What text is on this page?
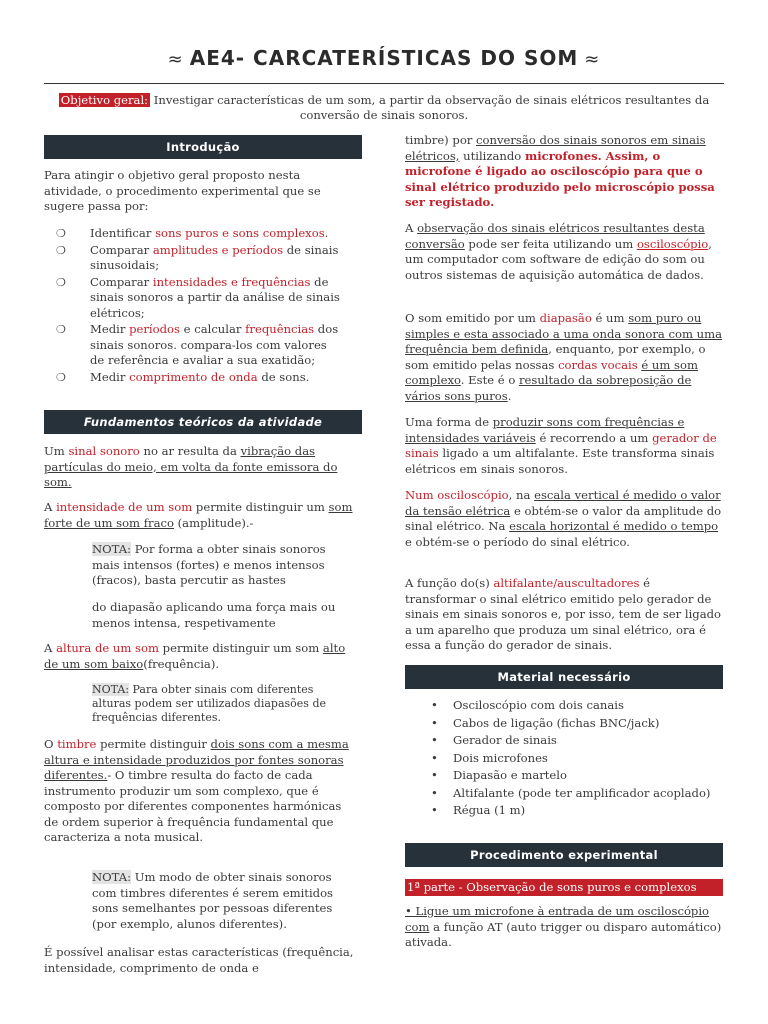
≈ AE4- CARCATERÍSTICAS DO SOM ≈
Objetivo geral: Investigar características de um som, a partir da observação de sinais elétricos resultantes da conversão de sinais sonoros.
Introdução
Para atingir o objetivo geral proposto nesta atividade, o procedimento experimental que se sugere passa por:
❍ Identificar sons puros e sons complexos.
❍ Comparar amplitudes e períodos de sinais sinusoidais;
❍ Comparar intensidades e frequências de sinais sonoros a partir da análise de sinais elétricos;
❍ Medir períodos e calcular frequências dos sinais sonoros. compara-los com valores de referência e avaliar a sua exatidão;
❍ Medir comprimento de onda de sons.
Fundamentos teóricos da atividade
Um sinal sonoro no ar resulta da vibração das partículas do meio, em volta da fonte emissora do som.
A intensidade de um som permite distinguir um som forte de um som fraco (amplitude).-
NOTA: Por forma a obter sinais sonoros mais intensos (fortes) e menos intensos (fracos), basta percutir as hastes
do diapasão aplicando uma força mais ou menos intensa, respetivamente
A altura de um som permite distinguir um som alto de um som baixo(frequência).
NOTA: Para obter sinais com diferentes alturas podem ser utilizados diapasões de frequências diferentes.
O timbre permite distinguir dois sons com a mesma altura e intensidade produzidos por fontes sonoras diferentes.- O timbre resulta do facto de cada instrumento produzir um som complexo, que é composto por diferentes componentes harmónicas de ordem superior à frequência fundamental que caracteriza a nota musical.
NOTA: Um modo de obter sinais sonoros com timbres diferentes é serem emitidos sons semelhantes por pessoas diferentes (por exemplo, alunos diferentes).
É possível analisar estas características (frequência, intensidade, comprimento de onda e
timbre) por conversão dos sinais sonoros em sinais elétricos, utilizando microfones. Assim, o microfone é ligado ao osciloscópio para que o sinal elétrico produzido pelo microscópio possa ser registado.
A observação dos sinais elétricos resultantes desta conversão pode ser feita utilizando um osciloscópio, um computador com software de edição do som ou outros sistemas de aquisição automática de dados.
O som emitido por um diapasão é um som puro ou simples e esta associado a uma onda sonora com uma frequência bem definida, enquanto, por exemplo, o som emitido pelas nossas cordas vocais é um som complexo. Este é o resultado da sobreposição de vários sons puros.
Uma forma de produzir sons com frequências e intensidades variáveis é recorrendo a um gerador de sinais ligado a um altifalante. Este transforma sinais elétricos em sinais sonoros.
Num osciloscópio, na escala vertical é medido o valor da tensão elétrica e obtém-se o valor da amplitude do sinal elétrico. Na escala horizontal é medido o tempo e obtém-se o período do sinal elétrico.
A função do(s) altifalante/auscultadores é transformar o sinal elétrico emitido pelo gerador de sinais em sinais sonoros e, por isso, tem de ser ligado a um aparelho que produza um sinal elétrico, ora é essa a função do gerador de sinais.
Material necessário
• Osciloscópio com dois canais
• Cabos de ligação (fichas BNC/jack)
• Gerador de sinais
• Dois microfones
• Diapasão e martelo
• Altifalante (pode ter amplificador acoplado)
• Régua (1 m)
Procedimento experimental
1ª parte - Observação de sons puros e complexos
• Ligue um microfone à entrada de um osciloscópio com a função AT (auto trigger ou disparo automático) ativada.
